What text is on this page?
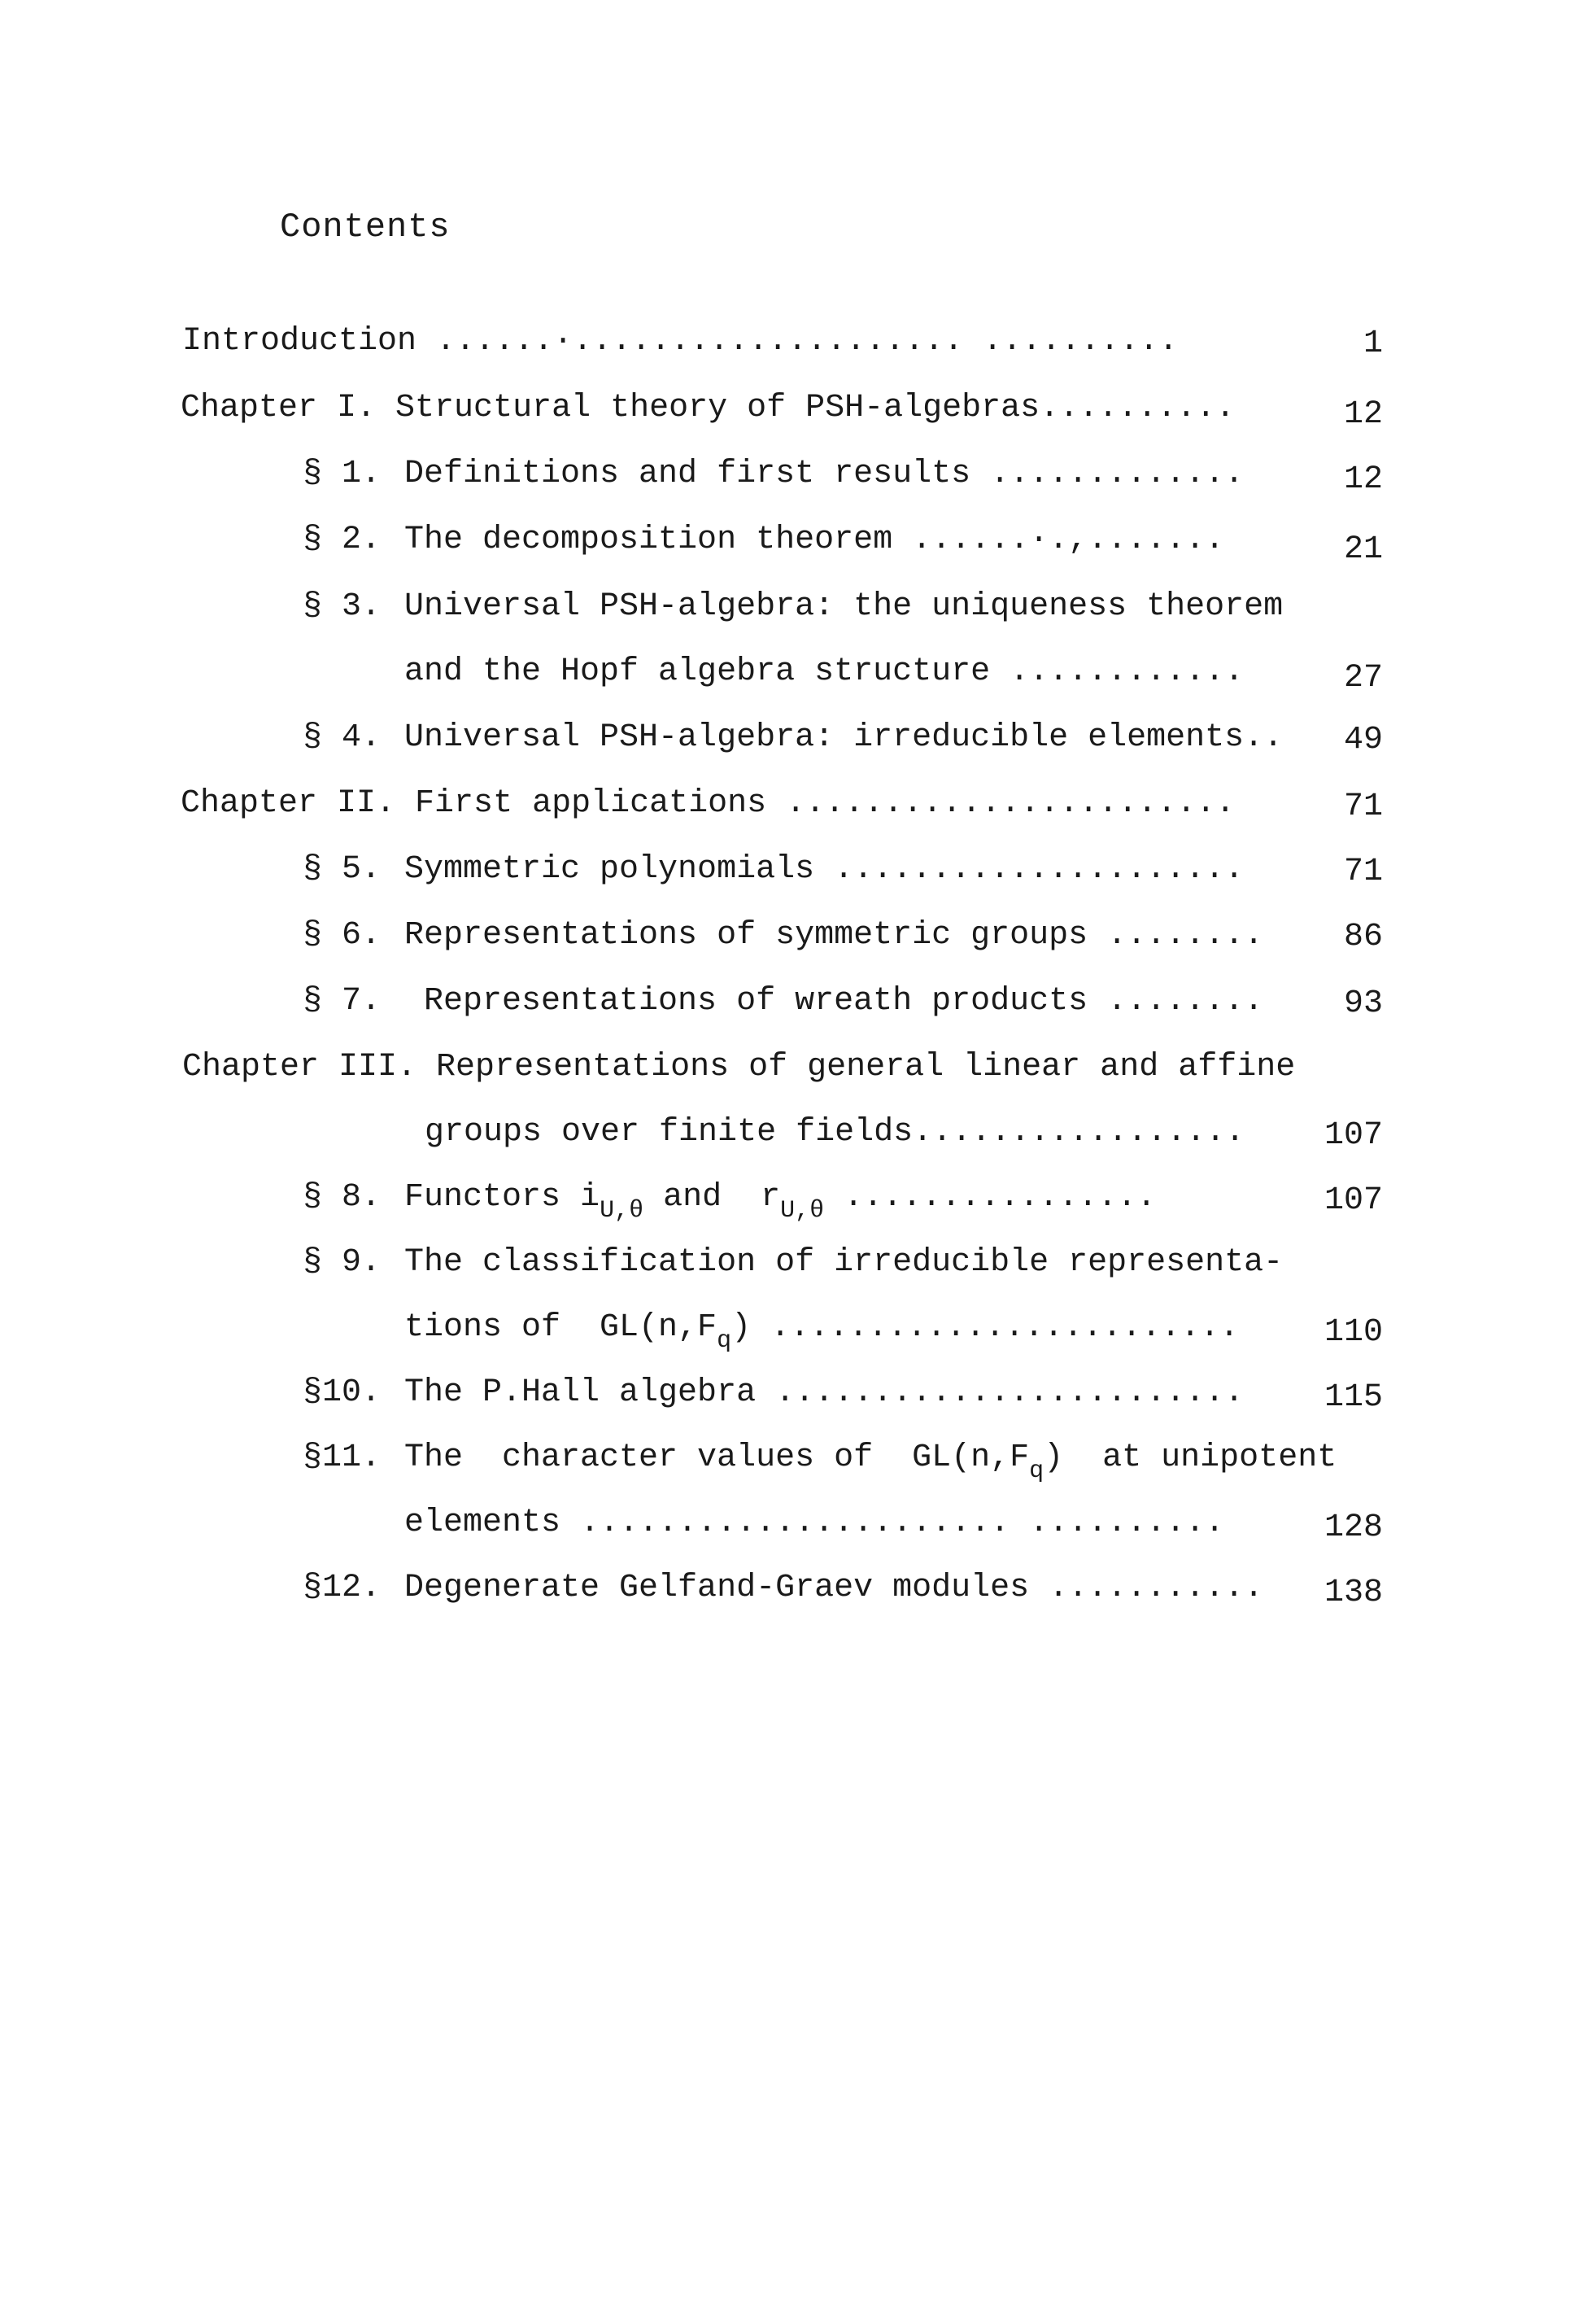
Contents
Introduction ......·.................... ..........	1
Chapter I. Structural theory of PSH-algebras..........	12
§ 1. Definitions and first results .............	12
§ 2. The decomposition theorem ......·.,.......	21
§ 3. Universal PSH-algebra: the uniqueness theorem
and the Hopf algebra structure ............	27
§ 4. Universal PSH-algebra: irreducible elements.. 49
Chapter II. First applications .......................	71
§ 5. Symmetric polynomials .....................	71
§ 6. Representations of symmetric groups ........ 86
§ 7. Representations of wreath products ........ 93
Chapter III. Representations of general linear and affine
groups over finite fields................. 107
§ 8. Functors $i_{U,\theta}$ and  $r_{U,\theta}$ ................	107
§ 9. The classification of irreducible representa-
tions of  $GL(n,F_q)$ ........................	110
§10. The P.Hall algebra ........................ 115
§11. The  character values of  $GL(n,F_q)$  at unipotent
elements ...................... ..........	128
§12. Degenerate Gelfand-Graev modules ........... 138
